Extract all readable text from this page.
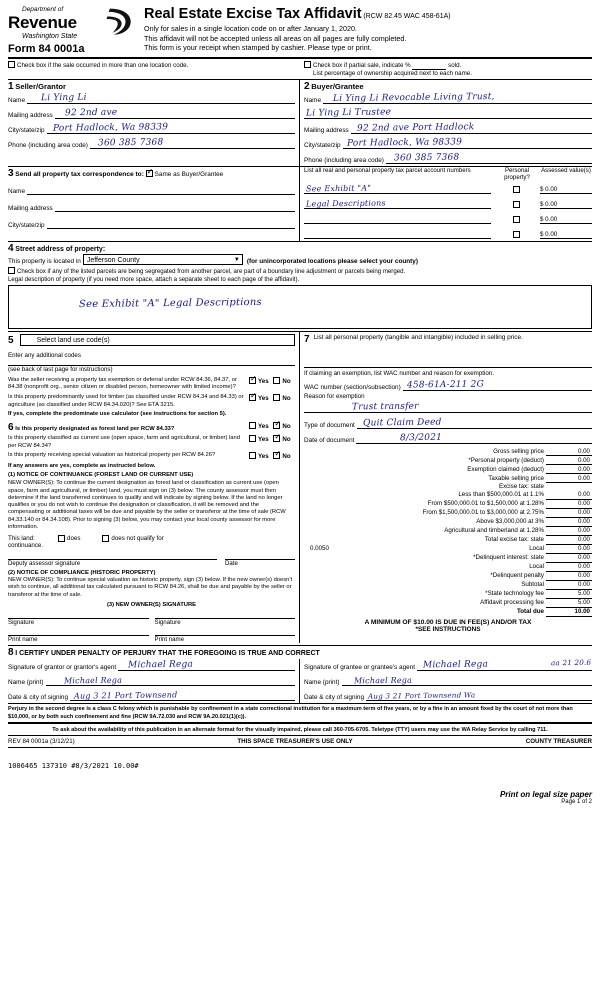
Department of
Revenue
Washington State
Form 84 0001a
Real Estate Excise Tax Affidavit (RCW 82.45 WAC 458-61A)
Only for sales in a single location code on or after January 1, 2020.
This affidavit will not be accepted unless all areas on all pages are fully completed.
This form is your receipt when stamped by cashier. Please type or print.
Check box if the sale occurred in more than one location code.	Check box if partial sale, indicate %	sold.
List percentage of ownership acquired next to each name.
1 Seller/Grantor
Name Li Ying Li
Mailing address 92 2nd ave
City/state/zip Port Hadlock, Wa 98339
Phone (including area code) 360 385 7368
2 Buyer/Grantee
Name Li Ying Li Revocable Living Trust,
Li Ying Li Trustee
Mailing address 92 2nd ave Port Hadlock
City/state/zip Port Hadlock, Wa 98339
Phone (including area code) 360 385 7368
3 Send all property tax correspondence to: ✓ Same as Buyer/Grantee
Name
Mailing address
City/state/zip
List all real and personal property tax parcel account numbers	Personal property?
Assessed value(s)
See Exhibit "A"	$ 0.00
Legal Descriptions	$ 0.00
$ 0.00
$ 0.00
4 Street address of property:
This property is located in Jefferson County	▼	(for unincorporated locations please select your county)
Check box if any of the listed parcels are being segregated from another parcel, are part of a boundary line adjustment or parcels being merged.
Legal description of property (if you need more space, attach a separate sheet to each page of the affidavit).
See Exhibit "A" Legal Descriptions
5	Select land use code(s)
Enter any additional codes
(see back of last page for instructions)
Was the seller receiving a property tax exemption or deferral under RCW 84.36, 84.37, or 84.38 (nonprofit org., senior citizen or disabled person, homeowner with limited income)?
✓Yes No
Is this property predominantly used for timber (as classified under RCW 84.34 and 84.33) or agriculture (as classified under RCW 84.34.020)? See ETA 3215.
✓Yes No
If yes, complete the predominate use calculator (see instructions for section 5).
6 Is this property designated as forest land per RCW 84.33?	Yes ✓ No
Is this property classified as current use (open space, farm and agricultural, or timber) land per RCW 84.34?
Yes ✓ No
Is this property receiving special valuation as historical property per RCW 84.26?	Yes ✓ No
If any answers are yes, complete as instructed below.
(1) NOTICE OF CONTINUANCE (FOREST LAND OR CURRENT USE)
NEW OWNER(S): To continue the current designation as forest land or classification as current use (open space, farm and agricultural, or timber) land, you must sign on (3) below. The county assessor must then determine if the land transferred continues to qualify and will indicate by signing below. If the land no longer qualifies or you do not wish to continue the designation or classification, it will be removed and the compensating or additional taxes will be due and payable by the seller or transferor at the time of sale (RCW 84.33.140 or 84.34.108). Prior to signing (3) below, you may contact your local county assessor for more information.
This land:	does	does not qualify for
continuance.
Deputy assessor signature	Date
(2) NOTICE OF COMPLIANCE (HISTORIC PROPERTY)
NEW OWNER(S): To continue special valuation as historic property, sign (3) below. If the new owner(s) doesn't wish to continue, all additional tax calculated pursuant to RCW 84.26, shall be due and payable by the seller or transferor at the time of sale.
(3) NEW OWNER(S) SIGNATURE
Signature	Signature
Print name	Print name
7 List all personal property (tangible and intangible) included in selling price.
If claiming an exemption, list WAC number and reason for exemption.
WAC number (section/subsection) 458-61A-211 2G
Reason for exemption
Trust transfer
Type of document Quit Claim Deed
Date of document	8/3/2021
Gross selling price	0.00
*Personal property (deduct)	0.00
Exemption claimed (deduct)	0.00
Taxable selling price	0.00
Excise tax: state	
Less than $500,000.01 at 1.1%	0.00
From $500,000.01 to $1,500,000 at 1.28%	0.00
From $1,500,000.01 to $3,000,000 at 2.75%	0.00
Above $3,000,000 at 3%	0.00
Agricultural and timberland at 1.28%	0.00
Total excise tax: state	0.00

0.0050 Local	0.00
*Delinquent interest: state	0.00
Local	0.00
*Delinquent penalty	0.00
Subtotal	0.00
*State technology fee	5.00
Affidavit processing fee	5.00
Total due	10.00
A MINIMUM OF $10.00 IS DUE IN FEE(S) AND/OR TAX
*SEE INSTRUCTIONS
8 I CERTIFY UNDER PENALTY OF PERJURY THAT THE FOREGOING IS TRUE AND CORRECT
Signature of grantor or grantor's agent Michael Rega
Name (print) Michael Rega
Date & city of signing Aug 3 21 Port Townsend
Signature of grantee or grantee's agent Michael Rega
Name (print) Michael Rega
Date & city of signing Aug 3 21 Port Townsend Wa
aa 21 20.6
Perjury in the second degree is a class C felony which is punishable by confinement in a state correctional institution for a maximum term of five years, or by a fine in an amount fixed by the court of not more than $10,000, or by both such confinement and fine (RCW 9A.72.030 and RCW 9A.20.021(1)(c)).
To ask about the availability of this publication in an alternate format for the visually impaired, please call 360-705-6705. Teletype (TTY) users may use the WA Relay Service by calling 711.
REV 84 0001a (3/12/21)	THIS SPACE TREASURER'S USE ONLY	COUNTY TREASURER
1006465 137310 #8/3/2021 10.00#
Print on legal size paper
Page 1 of 2
